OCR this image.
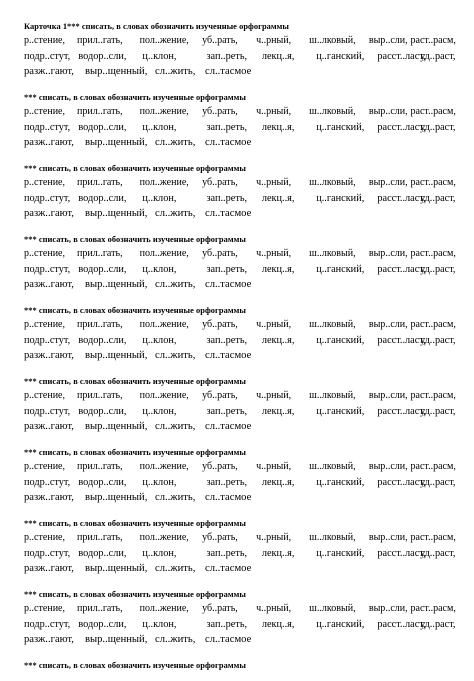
Карточка 1*** списать, в словах обозначить изученные орфограммы
р..стение, прил..гать, пол..жение, уб..рать, ч..рный, ш..лковый, выр..сли, раст..расм,
подр..стут, водор..сли, ц..клон,	зап..реть, лекц..я, ц..ганский, расст..ласт,
уд..раст,
разж..гают, выр..щенный, сл..жить, сл..тасмое
*** списать, в словах обозначить изученные орфограммы
р..стение, прил..гать, пол..жение, уб..рать, ч..рный, ш..лковый, выр..сли, раст..расм,
подр..стут, водор..сли, ц..клон,	зап..реть, лекц..я, ц..ганский, расст..ласт,
уд..раст,
разж..гают, выр..щенный, сл..жить, сл..тасмое
*** списать, в словах обозначить изученные орфограммы
р..стение, прил..гать, пол..жение, уб..рать, ч..рный, ш..лковый, выр..сли, раст..расм,
подр..стут, водор..сли, ц..клон,	зап..реть, лекц..я, ц..ганский, расст..ласт,
уд..раст,
разж..гают, выр..щенный, сл..жить, сл..тасмое
*** списать, в словах обозначить изученные орфограммы
р..стение, прил..гать, пол..жение, уб..рать, ч..рный, ш..лковый, выр..сли, раст..расм,
подр..стут, водор..сли, ц..клон,	зап..реть, лекц..я, ц..ганский, расст..ласт,
уд..раст,
разж..гают, выр..щенный, сл..жить, сл..тасмое
*** списать, в словах обозначить изученные орфограммы
р..стение, прил..гать, пол..жение, уб..рать, ч..рный, ш..лковый, выр..сли, раст..расм,
подр..стут, водор..сли, ц..клон,	зап..реть, лекц..я, ц..ганский, расст..ласт,
уд..раст,
разж..гают, выр..щенный, сл..жить, сл..тасмое
*** списать, в словах обозначить изученные орфограммы
р..стение, прил..гать, пол..жение, уб..рать, ч..рный, ш..лковый, выр..сли, раст..расм,
подр..стут, водор..сли, ц..клон,	зап..реть, лекц..я, ц..ганский, расст..ласт,
уд..раст,
разж..гают, выр..щенный, сл..жить, сл..тасмое
*** списать, в словах обозначить изученные орфограммы
р..стение, прил..гать, пол..жение, уб..рать, ч..рный, ш..лковый, выр..сли, раст..расм,
подр..стут, водор..сли, ц..клон,	зап..реть, лекц..я, ц..ганский, расст..ласт,
уд..раст,
разж..гают, выр..щенный, сл..жить, сл..тасмое
*** списать, в словах обозначить изученные орфограммы
р..стение, прил..гать, пол..жение, уб..рать, ч..рный, ш..лковый, выр..сли, раст..расм,
подр..стут, водор..сли, ц..клон,	зап..реть, лекц..я, ц..ганский, расст..ласт,
уд..раст,
разж..гают, выр..щенный, сл..жить, сл..тасмое
*** списать, в словах обозначить изученные орфограммы
р..стение, прил..гать, пол..жение, уб..рать, ч..рный, ш..лковый, выр..сли, раст..расм,
подр..стут, водор..сли, ц..клон,	зап..реть, лекц..я, ц..ганский, расст..ласт,
уд..раст,
разж..гают, выр..щенный, сл..жить, сл..тасмое
*** списать, в словах обозначить изученные орфограммы
